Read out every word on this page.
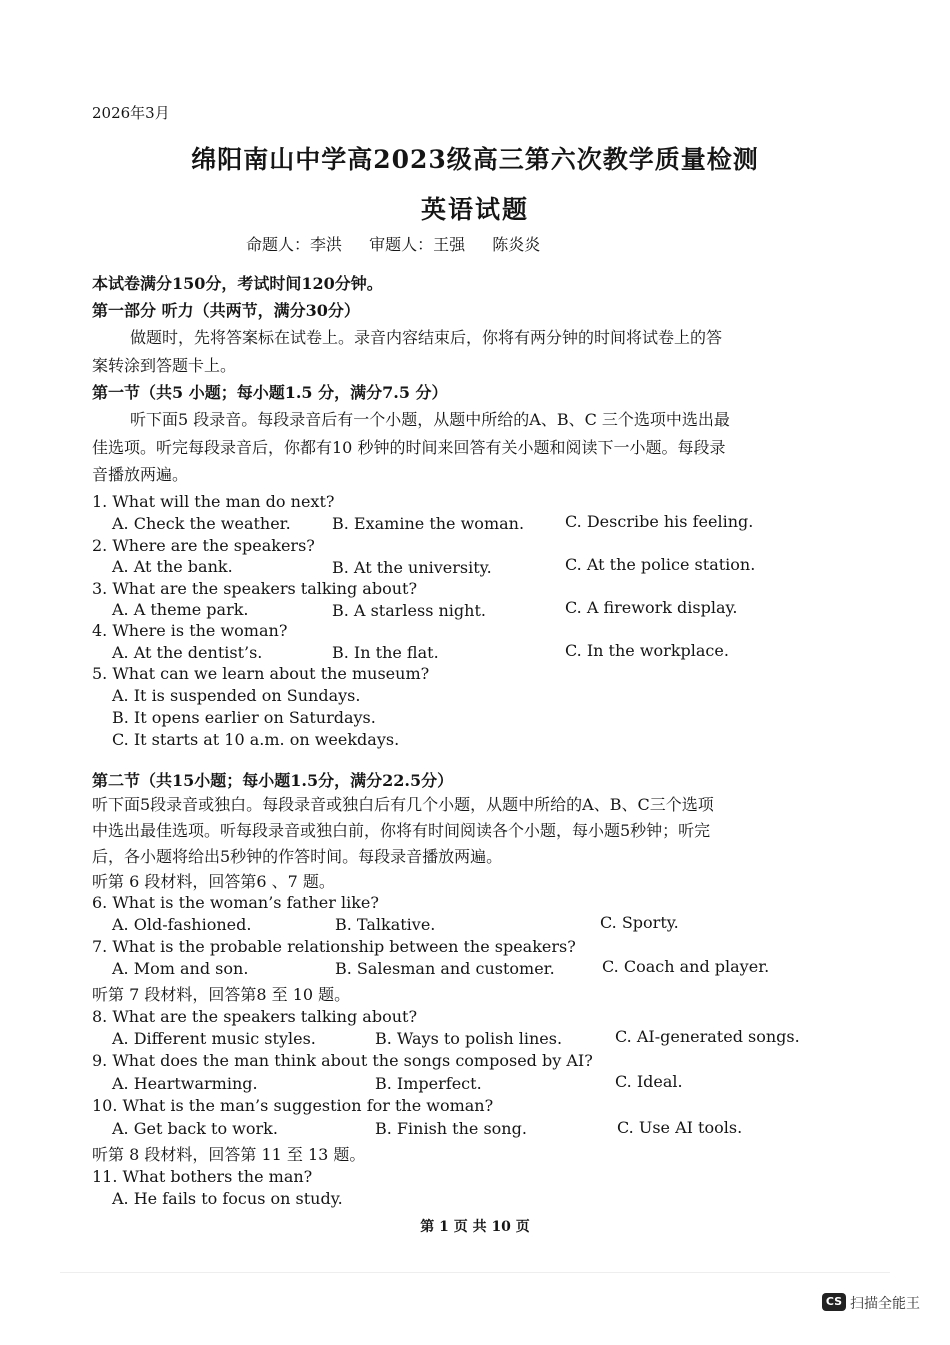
2026年3月
绵阳南山中学高2023级高三第六次教学质量检测
英语试题
命题人：李洪 审题人：王强 陈炎炎
本试卷满分150分，考试时间120分钟。
第一部分 听力（共两节，满分30分）
做题时，先将答案标在试卷上。录音内容结束后，你将有两分钟的时间将试卷上的答
案转涂到答题卡上。
第一节（共5 小题；每小题1.5 分，满分7.5 分）
听下面5 段录音。每段录音后有一个小题，从题中所给的A、B、C 三个选项中选出最
佳选项。听完每段录音后，你都有10 秒钟的时间来回答有关小题和阅读下一小题。每段录
音播放两遍。
1. What will the man do next?
A. Check the weather.	B. Examine the woman.	C. Describe his feeling.
2. Where are the speakers?
A. At the bank.	B. At the university.	C. At the police station.
3. What are the speakers talking about?
A. A theme park.	B. A starless night.	C. A firework display.
4. Where is the woman?
A. At the dentist’s.	B. In the flat.	C. In the workplace.
5. What can we learn about the museum?
A. It is suspended on Sundays.
B. It opens earlier on Saturdays.
C. It starts at 10 a.m. on weekdays.
第二节（共15小题；每小题1.5分，满分22.5分）
听下面5段录音或独白。每段录音或独白后有几个小题，从题中所给的A、B、C三个选项
中选出最佳选项。听每段录音或独白前，你将有时间阅读各个小题，每小题5秒钟；听完
后，各小题将给出5秒钟的作答时间。每段录音播放两遍。
听第 6 段材料，回答第6 、7 题。
6. What is the woman’s father like?
A. Old-fashioned.	B. Talkative.	C. Sporty.
7. What is the probable relationship between the speakers?
A. Mom and son.	B. Salesman and customer.	C. Coach and player.
听第 7 段材料，回答第8 至 10 题。
8. What are the speakers talking about?
A. Different music styles.	B. Ways to polish lines.	C. AI-generated songs.
9. What does the man think about the songs composed by AI?
A. Heartwarming.	B. Imperfect.	C. Ideal.
10. What is the man’s suggestion for the woman?
A. Get back to work.	B. Finish the song.	C. Use AI tools.
听第 8 段材料，回答第 11 至 13 题。
11. What bothers the man?
A. He fails to focus on study.
第 1 页 共 10 页
CS 扫描全能王
